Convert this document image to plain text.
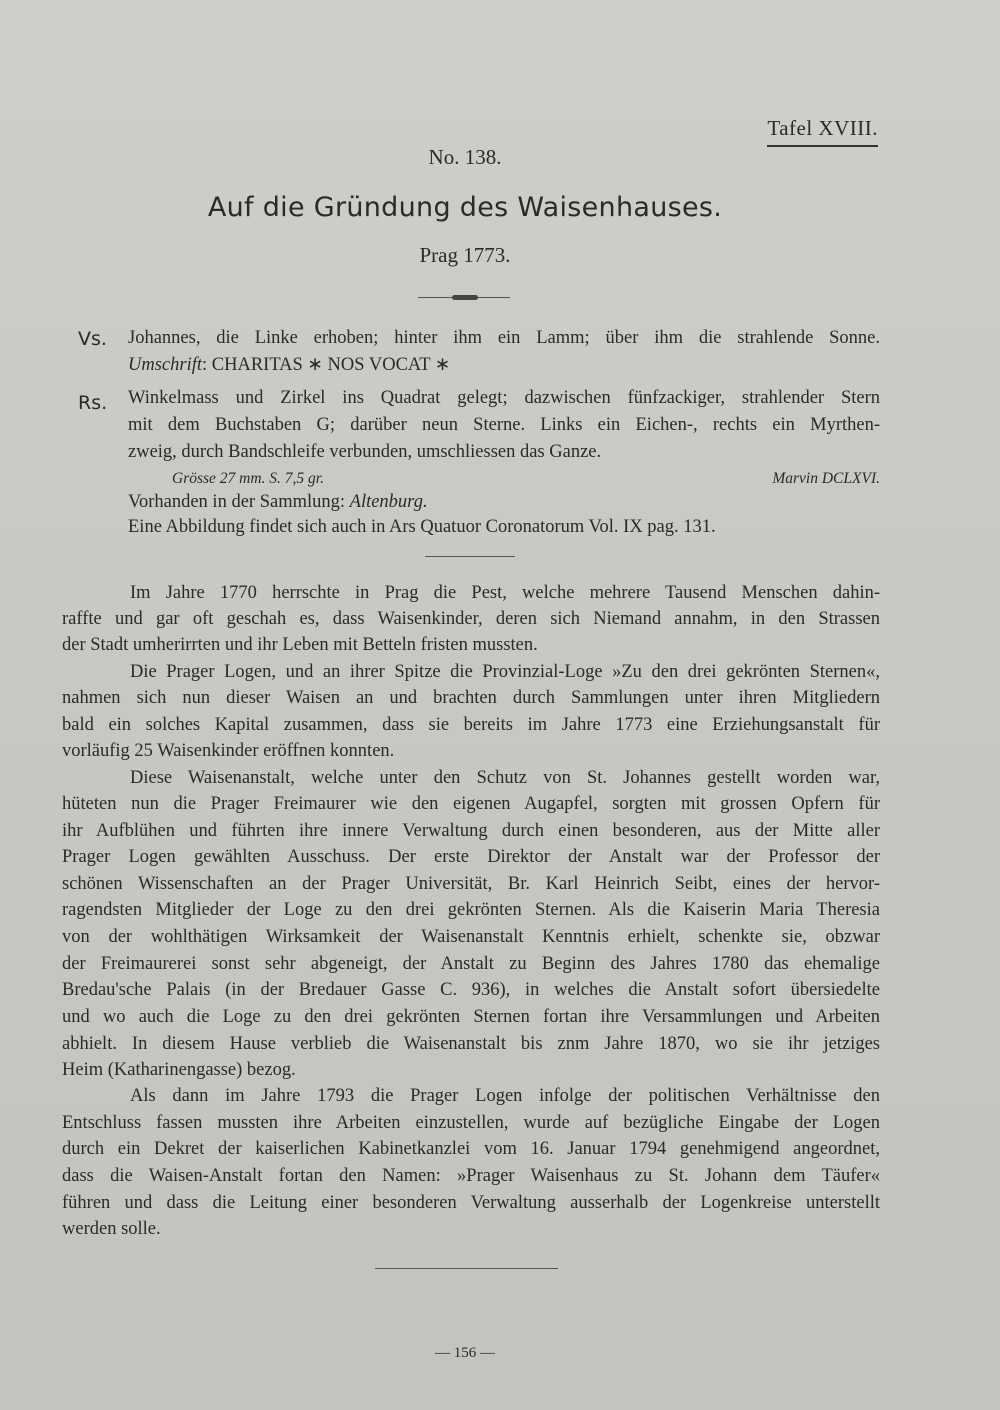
Tafel XVIII.
No. 138.
Auf die Gründung des Waisenhauses.
Prag 1773.
Vs. Johannes, die Linke erhoben; hinter ihm ein Lamm; über ihm die strahlende Sonne.
Umschrift: CHARITAS ∗ NOS VOCAT ∗
Rs. Winkelmass und Zirkel ins Quadrat gelegt; dazwischen fünfzackiger, strahlender Stern
mit dem Buchstaben G; darüber neun Sterne. Links ein Eichen-, rechts ein Myrthen-
zweig, durch Bandschleife verbunden, umschliessen das Ganze.
Grösse 27 mm. S. 7,5 gr.	Marvin DCLXVI.
Vorhanden in der Sammlung: Altenburg.
Eine Abbildung findet sich auch in Ars Quatuor Coronatorum Vol. IX pag. 131.
Im Jahre 1770 herrschte in Prag die Pest, welche mehrere Tausend Menschen dahin-
raffte und gar oft geschah es, dass Waisenkinder, deren sich Niemand annahm, in den Strassen
der Stadt umherirrten und ihr Leben mit Betteln fristen mussten.
Die Prager Logen, und an ihrer Spitze die Provinzial-Loge »Zu den drei gekrönten Sternen«,
nahmen sich nun dieser Waisen an und brachten durch Sammlungen unter ihren Mitgliedern
bald ein solches Kapital zusammen, dass sie bereits im Jahre 1773 eine Erziehungsanstalt für
vorläufig 25 Waisenkinder eröffnen konnten.
Diese Waisenanstalt, welche unter den Schutz von St. Johannes gestellt worden war,
hüteten nun die Prager Freimaurer wie den eigenen Augapfel, sorgten mit grossen Opfern für
ihr Aufblühen und führten ihre innere Verwaltung durch einen besonderen, aus der Mitte aller
Prager Logen gewählten Ausschuss. Der erste Direktor der Anstalt war der Professor der
schönen Wissenschaften an der Prager Universität, Br. Karl Heinrich Seibt, eines der hervor-
ragendsten Mitglieder der Loge zu den drei gekrönten Sternen. Als die Kaiserin Maria Theresia
von der wohlthätigen Wirksamkeit der Waisenanstalt Kenntnis erhielt, schenkte sie, obzwar
der Freimaurerei sonst sehr abgeneigt, der Anstalt zu Beginn des Jahres 1780 das ehemalige
Bredau'sche Palais (in der Bredauer Gasse C. 936), in welches die Anstalt sofort übersiedelte
und wo auch die Loge zu den drei gekrönten Sternen fortan ihre Versammlungen und Arbeiten
abhielt. In diesem Hause verblieb die Waisenanstalt bis znm Jahre 1870, wo sie ihr jetziges
Heim (Katharinengasse) bezog.
Als dann im Jahre 1793 die Prager Logen infolge der politischen Verhältnisse den
Entschluss fassen mussten ihre Arbeiten einzustellen, wurde auf bezügliche Eingabe der Logen
durch ein Dekret der kaiserlichen Kabinetkanzlei vom 16. Januar 1794 genehmigend angeordnet,
dass die Waisen-Anstalt fortan den Namen: »Prager Waisenhaus zu St. Johann dem Täufer«
führen und dass die Leitung einer besonderen Verwaltung ausserhalb der Logenkreise unterstellt
werden solle.
— 156 —
